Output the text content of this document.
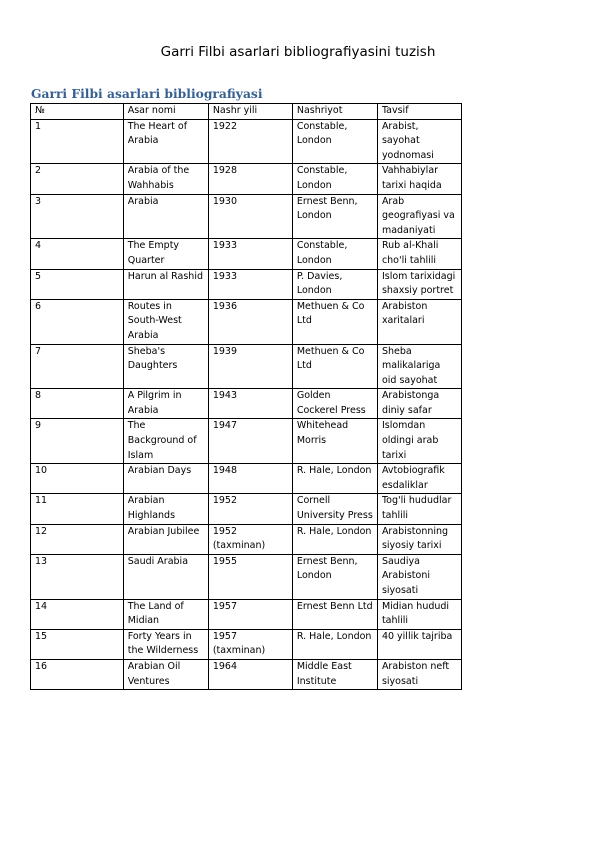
Garri Filbi asarlari bibliografiyasini tuzish
Garri Filbi asarlari bibliografiyasi
№	Asar nomi	Nashr yili	Nashriyot	Tavsif
1	The Heart of Arabia	1922	Constable, London	Arabist, sayohat yodnomasi
2	Arabia of the Wahhabis	1928	Constable, London	Vahhabiylar tarixi haqida
3	Arabia	1930	Ernest Benn, London	Arab geografiyasi va madaniyati
4	The Empty Quarter	1933	Constable, London	Rub al-Khali cho'li tahlili
5	Harun al Rashid	1933	P. Davies, London	Islom tarixidagi shaxsiy portret
6	Routes in South-West Arabia	1936	Methuen & Co Ltd	Arabiston xaritalari
7	Sheba's Daughters	1939	Methuen & Co Ltd	Sheba malikalariga oid sayohat
8	A Pilgrim in Arabia	1943	Golden Cockerel Press	Arabistonga diniy safar
9	The Background of Islam	1947	Whitehead Morris	Islomdan oldingi arab tarixi
10	Arabian Days	1948	R. Hale, London	Avtobiografik esdaliklar
11	Arabian Highlands	1952	Cornell University Press	Tog'li hududlar tahlili
12	Arabian Jubilee	1952 (taxminan)	R. Hale, London	Arabistonning siyosiy tarixi
13	Saudi Arabia	1955	Ernest Benn, London	Saudiya Arabistoni siyosati
14	The Land of Midian	1957	Ernest Benn Ltd	Midian hududi tahlili
15	Forty Years in the Wilderness	1957 (taxminan)	R. Hale, London	40 yillik tajriba
16	Arabian Oil Ventures	1964	Middle East Institute	Arabiston neft siyosati
